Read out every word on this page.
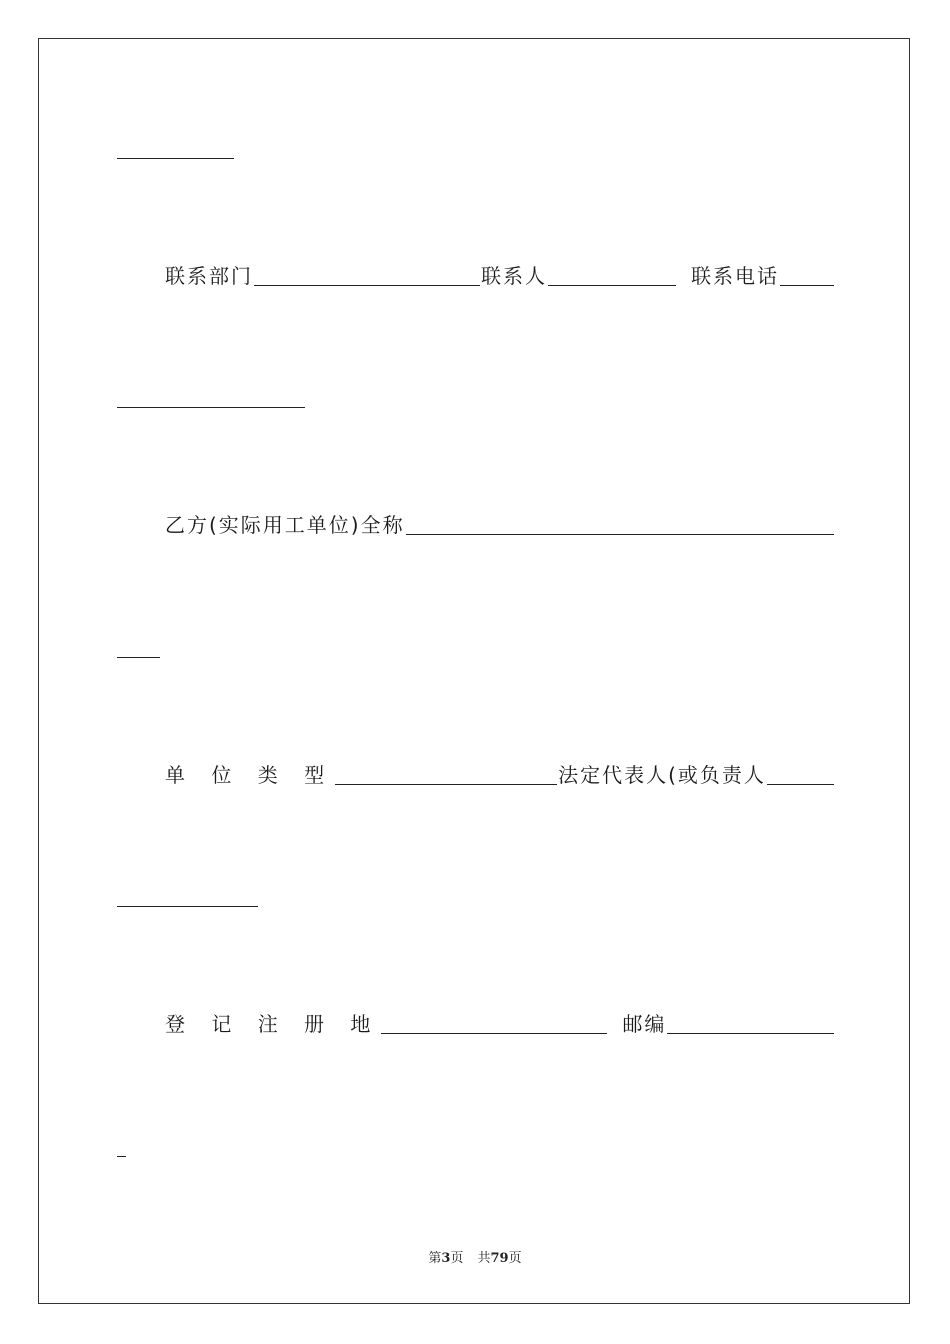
联系部门	联系人	联系电话
乙方(实际用工单位)全称
单 位 类 型	法定代表人(或负责人
登 记 注 册 地	邮编
第3页 共79页
